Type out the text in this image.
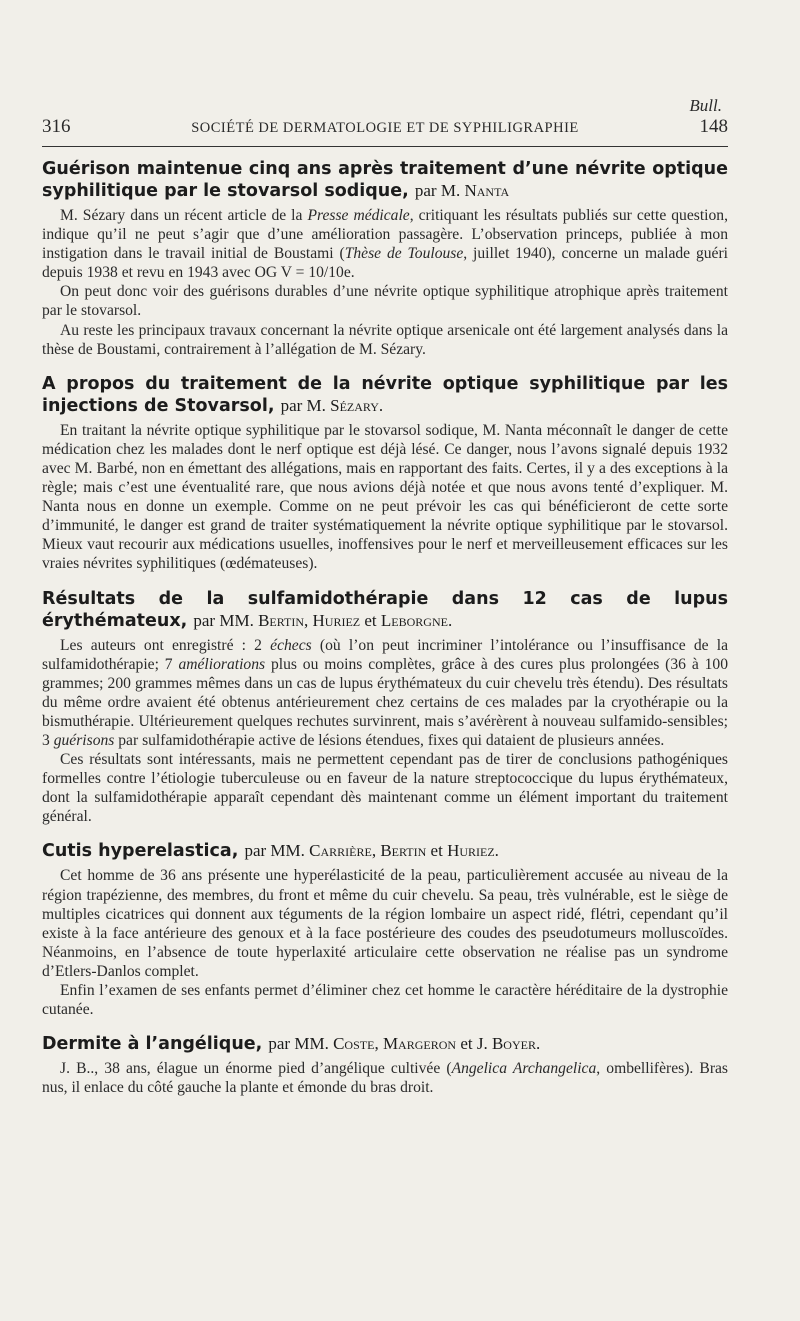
Bull.
316	SOCIÉTÉ DE DERMATOLOGIE ET DE SYPHILIGRAPHIE	148
Guérison maintenue cinq ans après traitement d’une névrite optique syphilitique par le stovarsol sodique, par M. Nanta

M. Sézary dans un récent article de la Presse médicale, critiquant les résultats publiés sur cette question, indique qu’il ne peut s’agir que d’une amélioration passagère. L’observation princeps, publiée à mon instigation dans le travail initial de Boustami (Thèse de Toulouse, juillet 1940), concerne un malade guéri depuis 1938 et revu en 1943 avec OG V = 10/10e.

On peut donc voir des guérisons durables d’une névrite optique syphilitique atrophique après traitement par le stovarsol.

Au reste les principaux travaux concernant la névrite optique arsenicale ont été largement analysés dans la thèse de Boustami, contrairement à l’allégation de M. Sézary.

A propos du traitement de la névrite optique syphilitique par les injections de Stovarsol, par M. Sézary.

En traitant la névrite optique syphilitique par le stovarsol sodique, M. Nanta méconnaît le danger de cette médication chez les malades dont le nerf optique est déjà lésé. Ce danger, nous l’avons signalé depuis 1932 avec M. Barbé, non en émettant des allégations, mais en rapportant des faits. Certes, il y a des exceptions à la règle; mais c’est une éventualité rare, que nous avions déjà notée et que nous avons tenté d’expliquer. M. Nanta nous en donne un exemple. Comme on ne peut prévoir les cas qui bénéficieront de cette sorte d’immunité, le danger est grand de traiter systématiquement la névrite optique syphilitique par le stovarsol. Mieux vaut recourir aux médications usuelles, inoffensives pour le nerf et merveilleusement efficaces sur les vraies névrites syphilitiques (œdémateuses).

Résultats de la sulfamidothérapie dans 12 cas de lupus érythémateux, par MM. Bertin, Huriez et Leborgne.

Les auteurs ont enregistré : 2 échecs (où l’on peut incriminer l’intolérance ou l’insuffisance de la sulfamidothérapie; 7 améliorations plus ou moins complètes, grâce à des cures plus prolongées (36 à 100 grammes; 200 grammes mêmes dans un cas de lupus érythémateux du cuir chevelu très étendu). Des résultats du même ordre avaient été obtenus antérieurement chez certains de ces malades par la cryothérapie ou la bismuthérapie. Ultérieurement quelques rechutes survinrent, mais s’avérèrent à nouveau sulfamido-sensibles; 3 guérisons par sulfamidothérapie active de lésions étendues, fixes qui dataient de plusieurs années.

Ces résultats sont intéressants, mais ne permettent cependant pas de tirer de conclusions pathogéniques formelles contre l’étiologie tuberculeuse ou en faveur de la nature streptococcique du lupus érythémateux, dont la sulfamidothérapie apparaît cependant dès maintenant comme un élément important du traitement général.

Cutis hyperelastica, par MM. Carrière, Bertin et Huriez.

Cet homme de 36 ans présente une hyperélasticité de la peau, particulièrement accusée au niveau de la région trapézienne, des membres, du front et même du cuir chevelu. Sa peau, très vulnérable, est le siège de multiples cicatrices qui donnent aux téguments de la région lombaire un aspect ridé, flétri, cependant qu’il existe à la face antérieure des genoux et à la face postérieure des coudes des pseudotumeurs molluscoïdes. Néanmoins, en l’absence de toute hyperlaxité articulaire cette observation ne réalise pas un syndrome d’Etlers-Danlos complet.

Enfin l’examen de ses enfants permet d’éliminer chez cet homme le caractère héréditaire de la dystrophie cutanée.

Dermite à l’angélique, par MM. Coste, Margeron et J. Boyer.

J. B.., 38 ans, élague un énorme pied d’angélique cultivée (Angelica Archangelica, ombellifères). Bras nus, il enlace du côté gauche la plante et émonde du bras droit.
